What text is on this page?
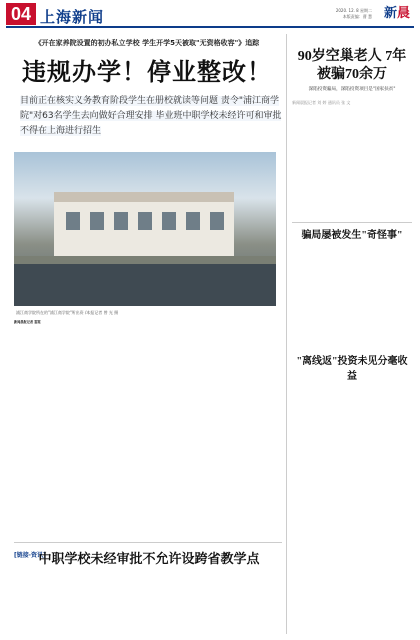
04 上海新闻	2020. 12. 8 星期二
本版责编：曹 慧 新晨
《开在家养院设置的初办私立学校 学生开学5天被取"无资格收容"》追踪
违规办学！停业整改！
目前正在核实义务教育阶段学生在册校就读等问题 责令"浦江商学院"对63名学生去向做好合理安排 毕业班中职学校未经许可和审批不得在上海进行招生
浦江商学院所在的"浦江商学院"所出资 /本报记者 曾 光 摄
新闻晨报记者 雷霞
[链接·资讯]
中职学校未经审批不允许设跨省教学点
90岁空巢老人 7年被骗70余万
深陷投资骗局，深陷投资项目是"国家扶贫"
新闻晨报记者 刘 婷 通讯员 张 文
骗局屡被发生"奇怪事"
"离线返"投资未见分毫收益
